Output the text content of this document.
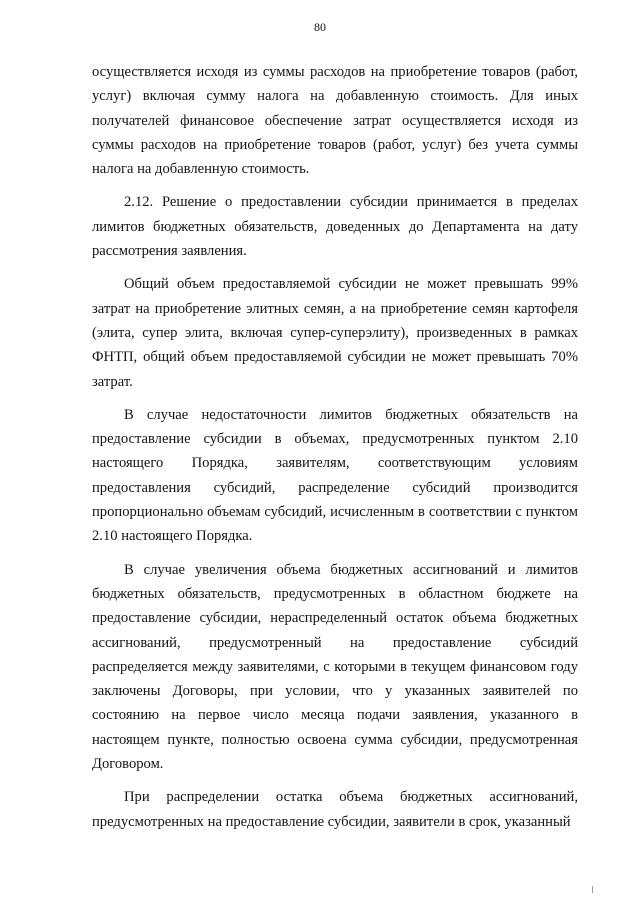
80

осуществляется исходя из суммы расходов на приобретение товаров (работ, услуг) включая сумму налога на добавленную стоимость. Для иных получателей финансовое обеспечение затрат осуществляется исходя из суммы расходов на приобретение товаров (работ, услуг) без учета суммы налога на добавленную стоимость.

2.12. Решение о предоставлении субсидии принимается в пределах лимитов бюджетных обязательств, доведенных до Департамента на дату рассмотрения заявления.

Общий объем предоставляемой субсидии не может превышать 99% затрат на приобретение элитных семян, а на приобретение семян картофеля (элита, супер элита, включая супер-суперэлиту), произведенных в рамках ФНТП, общий объем предоставляемой субсидии не может превышать 70% затрат.

В случае недостаточности лимитов бюджетных обязательств на предоставление субсидии в объемах, предусмотренных пунктом 2.10 настоящего Порядка, заявителям, соответствующим условиям предоставления субсидий, распределение субсидий производится пропорционально объемам субсидий, исчисленным в соответствии с пунктом 2.10 настоящего Порядка.

В случае увеличения объема бюджетных ассигнований и лимитов бюджетных обязательств, предусмотренных в областном бюджете на предоставление субсидии, нераспределенный остаток объема бюджетных ассигнований, предусмотренный на предоставление субсидий распределяется между заявителями, с которыми в текущем финансовом году заключены Договоры, при условии, что у указанных заявителей по состоянию на первое число месяца подачи заявления, указанного в настоящем пункте, полностью освоена сумма субсидии, предусмотренная Договором.

При распределении остатка объема бюджетных ассигнований, предусмотренных на предоставление субсидии, заявители в срок, указанный
